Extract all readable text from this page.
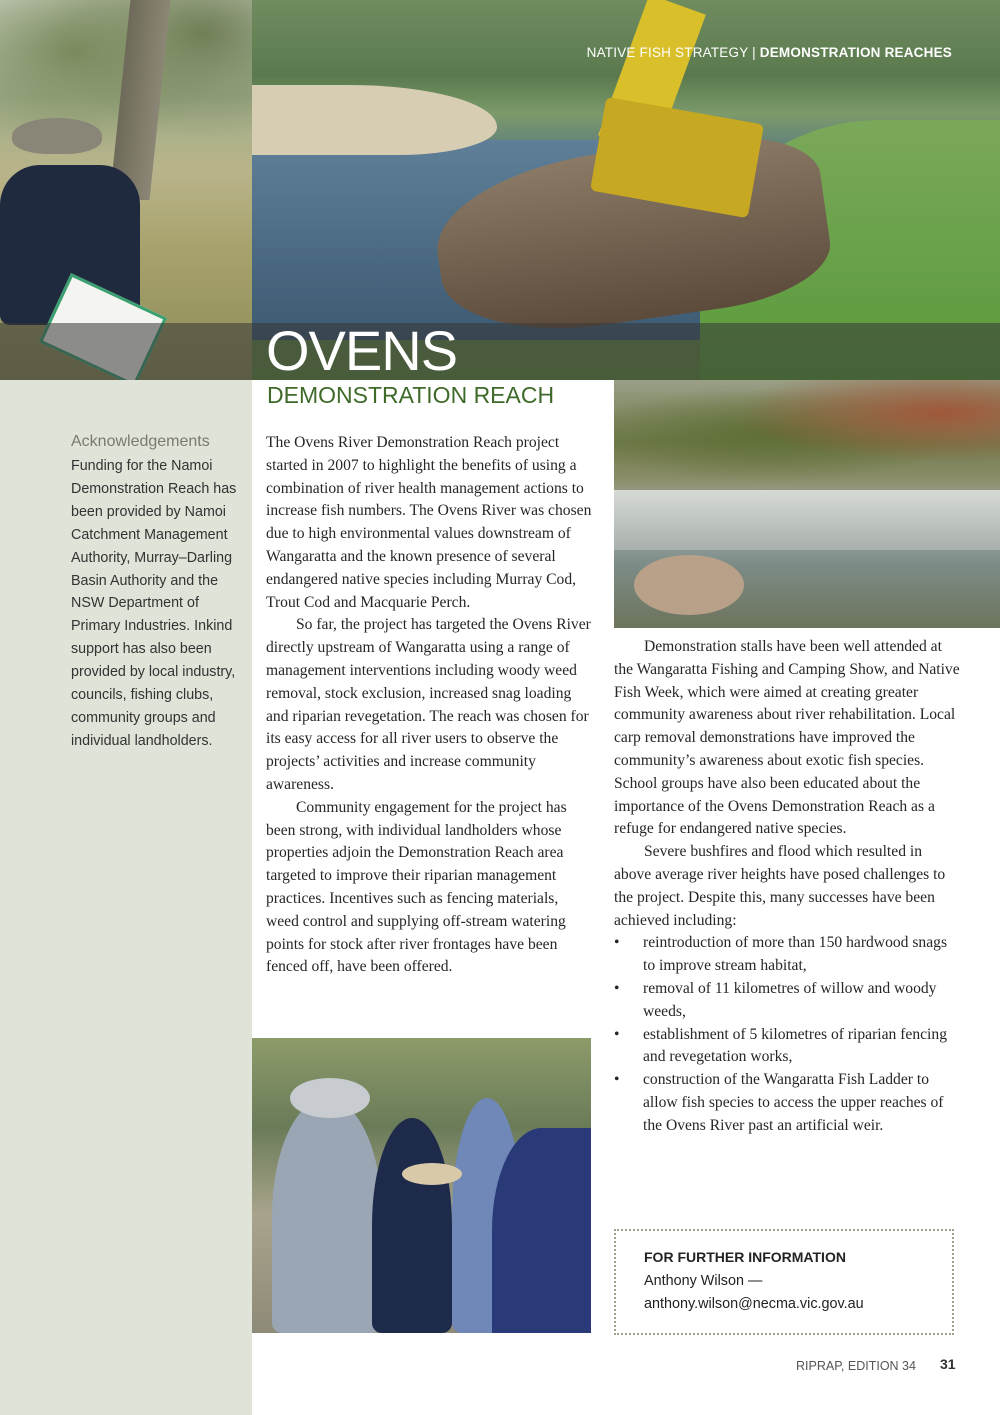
NATIVE FISH STRATEGY | DEMONSTRATION REACHES
OVENS
DEMONSTRATION REACH
Acknowledgements
Funding for the Namoi Demonstration Reach has been provided by Namoi Catchment Management Authority, Murray–Darling Basin Authority and the NSW Department of Primary Industries. Inkind support has also been provided by local industry, councils, fishing clubs, community groups and individual landholders.

The Ovens River Demonstration Reach project started in 2007 to highlight the benefits of using a combination of river health management actions to increase fish numbers. The Ovens River was chosen due to high environmental values downstream of Wangaratta and the known presence of several endangered native species including Murray Cod, Trout Cod and Macquarie Perch.

So far, the project has targeted the Ovens River directly upstream of Wangaratta using a range of management interventions including woody weed removal, stock exclusion, increased snag loading and riparian revegetation. The reach was chosen for its easy access for all river users to observe the projects’ activities and increase community awareness.

Community engagement for the project has been strong, with individual landholders whose properties adjoin the Demonstration Reach area targeted to improve their riparian management practices. Incentives such as fencing materials, weed control and supplying off-stream watering points for stock after river frontages have been fenced off, have been offered.

Demonstration stalls have been well attended at the Wangaratta Fishing and Camping Show, and Native Fish Week, which were aimed at creating greater community awareness about river rehabilitation. Local carp removal demonstrations have improved the community’s awareness about exotic fish species. School groups have also been educated about the importance of the Ovens Demonstration Reach as a refuge for endangered native species.

Severe bushfires and flood which resulted in above average river heights have posed challenges to the project. Despite this, many successes have been achieved including:

• reintroduction of more than 150 hardwood snags to improve stream habitat,
• removal of 11 kilometres of willow and woody weeds,
• establishment of 5 kilometres of riparian fencing and revegetation works,
• construction of the Wangaratta Fish Ladder to allow fish species to access the upper reaches of the Ovens River past an artificial weir.
FOR FURTHER INFORMATION
Anthony Wilson —
anthony.wilson@necma.vic.gov.au
RIPRAP, EDITION 34 31
